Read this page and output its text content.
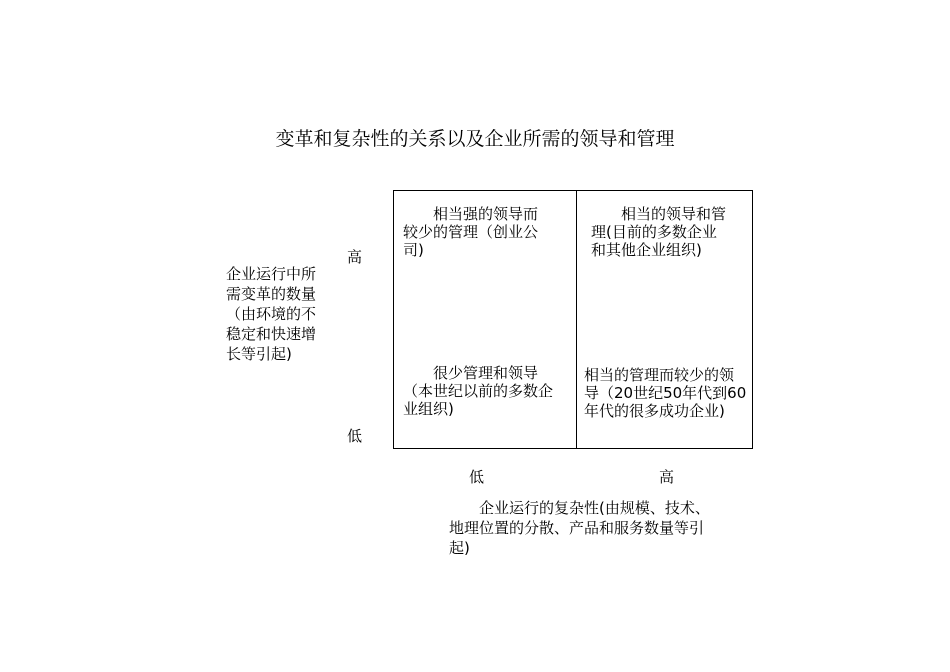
变革和复杂性的关系以及企业所需的领导和管理
企业运行中所需变革的数量（由环境的不稳定和快速增长等引起)
高
低
　　相当强的领导而
较少的管理（创业公
司)
　　相当的领导和管
理(目前的多数企业
和其他企业组织)
　　很少管理和领导
（本世纪以前的多数企
业组织)
相当的管理而较少的领
导（20世纪50年代到60
年代的很多成功企业)
低	高
　　企业运行的复杂性(由规模、技术、
地理位置的分散、产品和服务数量等引
起)
